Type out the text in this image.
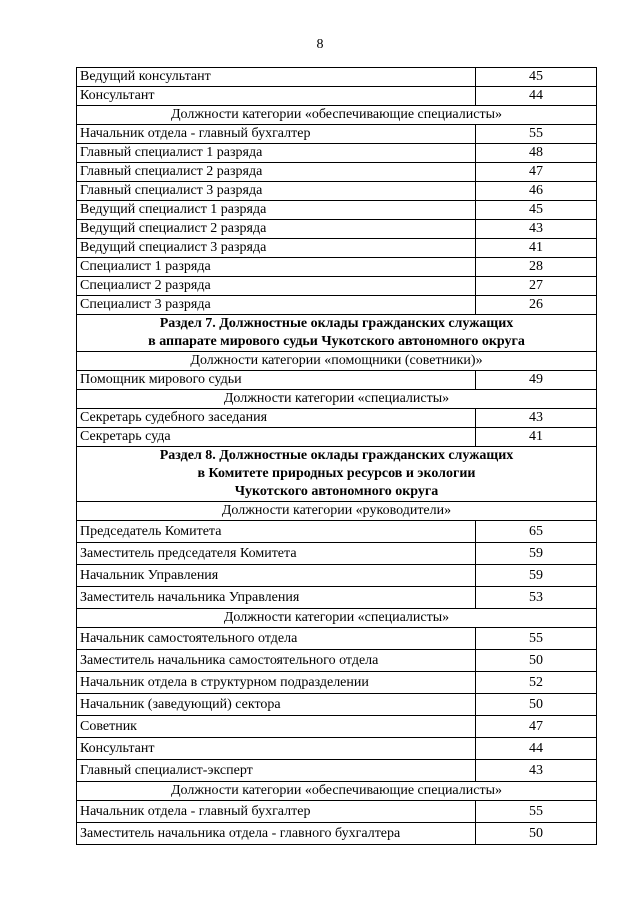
8
Ведущий консультант	45
Консультант	44
Должности категории «обеспечивающие специалисты»	
Начальник отдела - главный бухгалтер	55
Главный специалист 1 разряда	48
Главный специалист 2 разряда	47
Главный специалист 3 разряда	46
Ведущий специалист 1 разряда	45
Ведущий специалист 2 разряда	43
Ведущий специалист 3 разряда	41
Специалист 1 разряда	28
Специалист 2 разряда	27
Специалист 3 разряда	26

Раздел 7. Должностные оклады гражданских служащих
в аппарате мирового судьи Чукотского автономного округа	

Должности категории «помощники (советники)»	
Помощник мирового судьи	49
Должности категории «специалисты»	
Секретарь судебного заседания	43
Секретарь суда	41

Раздел 8. Должностные оклады гражданских служащих
в Комитете природных ресурсов и экологии
Чукотского автономного округа	

Должности категории «руководители»	
Председатель Комитета	65
Заместитель председателя Комитета	59
Начальник Управления	59
Заместитель начальника Управления	53
Должности категории «специалисты»	
Начальник самостоятельного отдела	55
Заместитель начальника самостоятельного отдела	50
Начальник отдела в структурном подразделении	52
Начальник (заведующий) сектора	50
Советник	47
Консультант	44
Главный специалист-эксперт	43
Должности категории «обеспечивающие специалисты»	
Начальник отдела - главный бухгалтер	55
Заместитель начальника отдела - главного бухгалтера	50
